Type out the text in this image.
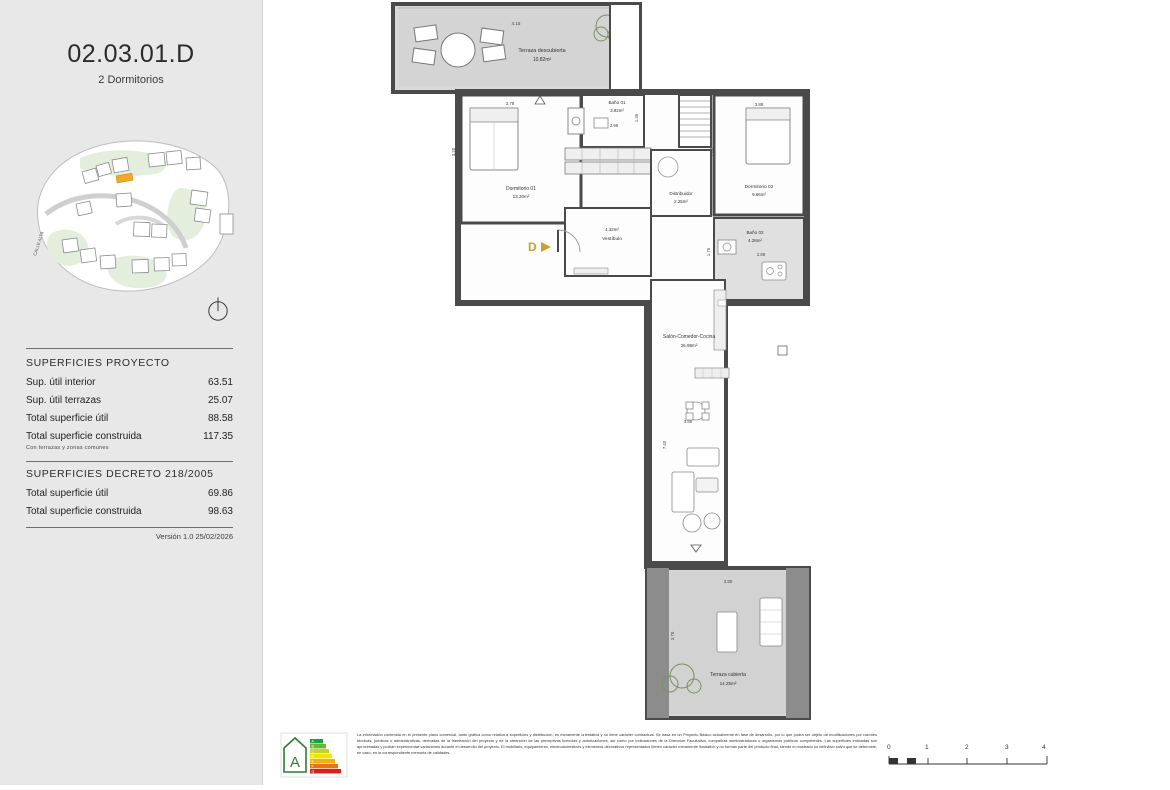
02.03.01.D
2 Dormitorios
CALLE ALTA
SUPERFICIES PROYECTO
Sup. útil interior	63.51
Sup. útil terrazas	25.07
Total superficie útil	88.58
Total superficie construida	117.35
Con terrazas y zonas comunes
SUPERFICIES DECRETO 218/2005
Total superficie útil	69.86
Total superficie construida	98.63
Versión 1.0 25/02/2026
Terraza descubierta
10.82m²
4.15
Dormitorio 01
13.20m²
3.78
3.20
Baño 01
3.92m²
2.99
1.36
Distribuidor
2.25m²
Dormitorio 02
9.66m²
3.88
2.68
Baño 02
4.28m²
2.89
1.75
4.32m²
Vestíbulo
Salón-Comedor-Cocina
26.98m²
3.86
7.40
Terraza cubierta
14.25m²
3.80
3.70
D
A
A
B
C
D
E
F
G
La información contenida en el presente plano comercial, tanto gráfica como relativa a superficies y distribución, es meramente orientativa y no tiene carácter contractual. Se basa en un Proyecto Básico actualmente en fase de desarrollo, por lo que podrá ser objeto de modificaciones por razones técnicas, jurídicas o administrativas, derivadas de la tramitación del proyecto y de la obtención de las preceptivas licencias y autorizaciones, así como por indicaciones de la Dirección Facultativa, compañías suministradoras u organismos públicos competentes. Las superficies indicadas son aproximadas y podrán experimentar variaciones durante el desarrollo del proyecto. El mobiliario, equipamiento, electrodomésticos y elementos decorativos representados tienen carácter meramente ilustrativo y no forman parte del producto final, siendo el mostrado no definitivo salvo que se determine, en caso, en la correspondiente memoria de calidades.
0	1	2	3	4
